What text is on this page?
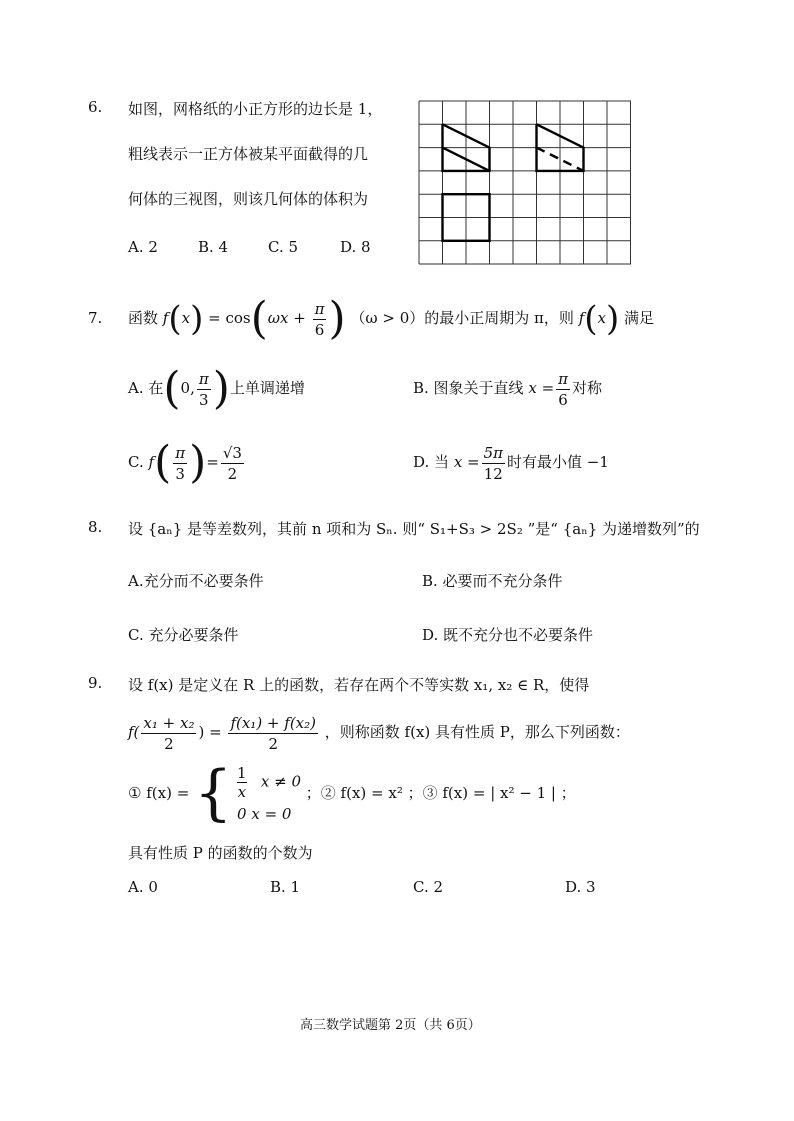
6. 如图，网格纸的小正方形的边长是 1，
粗线表示一正方体被某平面截得的几
何体的三视图，则该几何体的体积为
A. 2	B. 4	C. 5	D. 8
7. 函数 $f(x) = \cos(\omega x + \frac{\pi}{6}$ ) （ω > 0）的最小正周期为 π，则 f(x) 满足
A. 在(0, $\frac{\pi}{3}$ )上单调递增	B. 图象关于直线 $x = \frac{\pi}{6}$ 对称
C. $f( \frac{\pi}{3}$ )= $\frac{√3}{2}$	D. 当 $x = \frac{5\pi}{12}$ 时有最小值 −1
8. 设 {aₙ} 是等差数列，其前 n 项和为 Sₙ. 则“ S₁+S₃ > 2S₂ ”是“ {aₙ} 为递增数列”的
A.充分而不必要条件	B. 必要而不充分条件
C. 充分必要条件	D. 既不充分也不必要条件
9. 设 f(x) 是定义在 R 上的函数，若存在两个不等实数 x₁, x₂ ∈ R，使得
$f( \frac{\text{x₁ + x₂}}{2}$ ) = $\frac{\text{f(x₁) + f(x₂)}}{2}$ ，则称函数 f(x) 具有性质 P，那么下列函数：
① f(x) = { $\frac{1}{x}$ x ≠ 0
0 x = 0
；② f(x) = x² ；③ f(x) = | x² − 1 | ；
具有性质 P 的函数的个数为
A. 0	B. 1	C. 2	D. 3
高三数学试题第 2页（共 6页）
